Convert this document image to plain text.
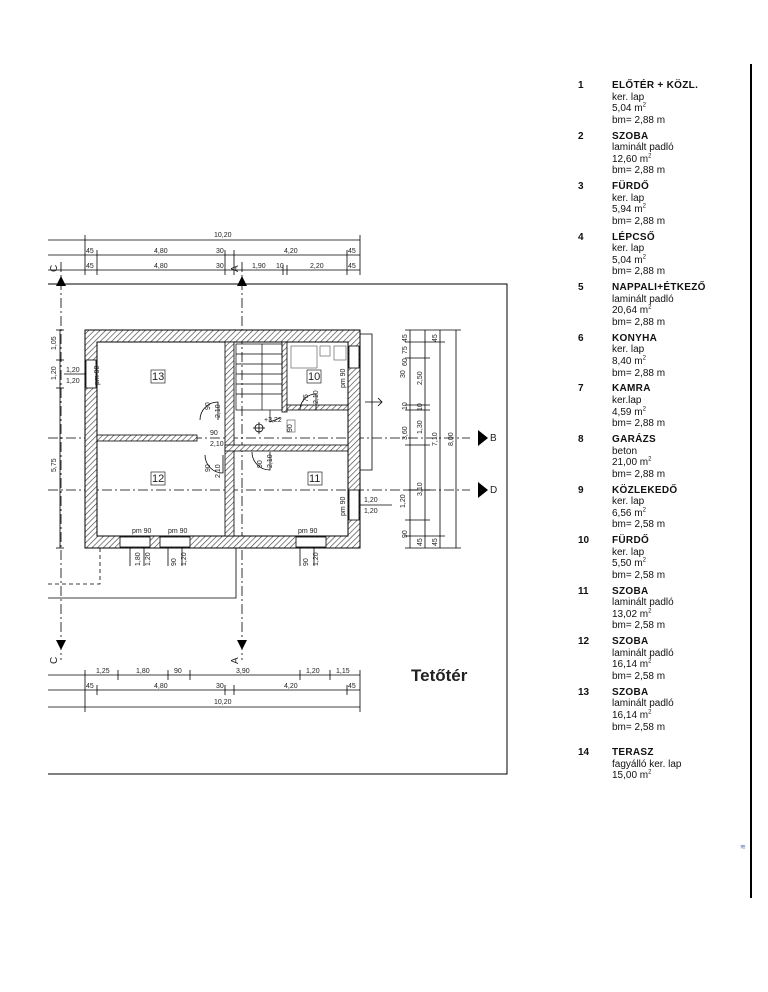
10,20
45	4,80	30	4,20	45
45	4,80	30	1,90 10	2,20	45
C	A
C	A
B
D
+3,22
13
12	11
10
pm 90
pm 90 pm 90	pm 90
pm 90
pm 90
90 2,10
90
2,10
90 2,10
90 2,10
75 2,10
90
1,05
1,20
5,75
1,20
1,20
1,20
1,20
30 2,50
10
1,30
1,20
45
75
60
10
3,60
3,10
90
45
45
7,10
45
8,00
1,80 1,20	90 1,20	90 1,20
1,25	1,80	90	3,90	1,20 1,15
45	4,80	30	4,20	45
10,20
Tetőtér
1	ELŐTÉR + KÖZL.
ker. lap
5,04 $m^2$
bm= 2,88 m
2	SZOBA
laminált padló
12,60 $m^2$
bm= 2,88 m
3	FÜRDŐ
ker. lap
5,94 $m^2$
bm= 2,88 m
4	LÉPCSŐ
ker. lap
5,04 $m^2$
bm= 2,88 m
5	NAPPALI+ÉTKEZŐ
laminált padló
20,64 $m^2$
bm= 2,88 m
6	KONYHA
ker. lap
8,40 $m^2$
bm= 2,88 m
7	KAMRA
ker.lap
4,59 $m^2$
bm= 2,88 m
8	GARÁZS
beton
21,00 $m^2$
bm= 2,88 m
9	KÖZLEKEDŐ
ker. lap
6,56 $m^2$
bm= 2,58 m
10 FÜRDŐ
ker. lap
5,50 $m^2$
bm= 2,58 m
11 SZOBA
laminált padló
13,02 $m^2$
bm= 2,58 m
12 SZOBA
laminált padló
16,14 $m^2$
bm= 2,58 m
13 SZOBA
laminált padló
16,14 $m^2$
bm= 2,58 m
14 TERASZ
fagyálló ker. lap
15,00 $m^2$
≋
